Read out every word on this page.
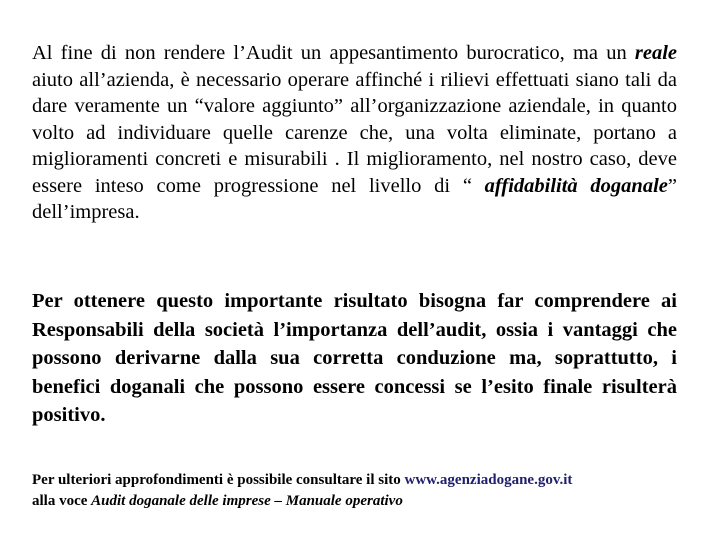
Al fine di non rendere l’Audit un appesantimento burocratico, ma un reale aiuto all’azienda, è necessario operare affinché i rilievi effettuati siano tali da dare veramente un “valore aggiunto” all’organizzazione aziendale, in quanto volto ad individuare quelle carenze che, una volta eliminate, portano a miglioramenti concreti e misurabili . Il miglioramento, nel nostro caso, deve essere inteso come progressione nel livello di “ affidabilità doganale” dell’impresa.

Per ottenere questo importante risultato bisogna far comprendere ai Responsabili della società l’importanza dell’audit, ossia i vantaggi che possono derivarne dalla sua corretta conduzione ma, soprattutto, i benefici doganali che possono essere concessi se l’esito finale risulterà positivo.

Per ulteriori approfondimenti è possibile consultare il sito www.agenziadogane.gov.it
alla voce Audit doganale delle imprese – Manuale operativo
